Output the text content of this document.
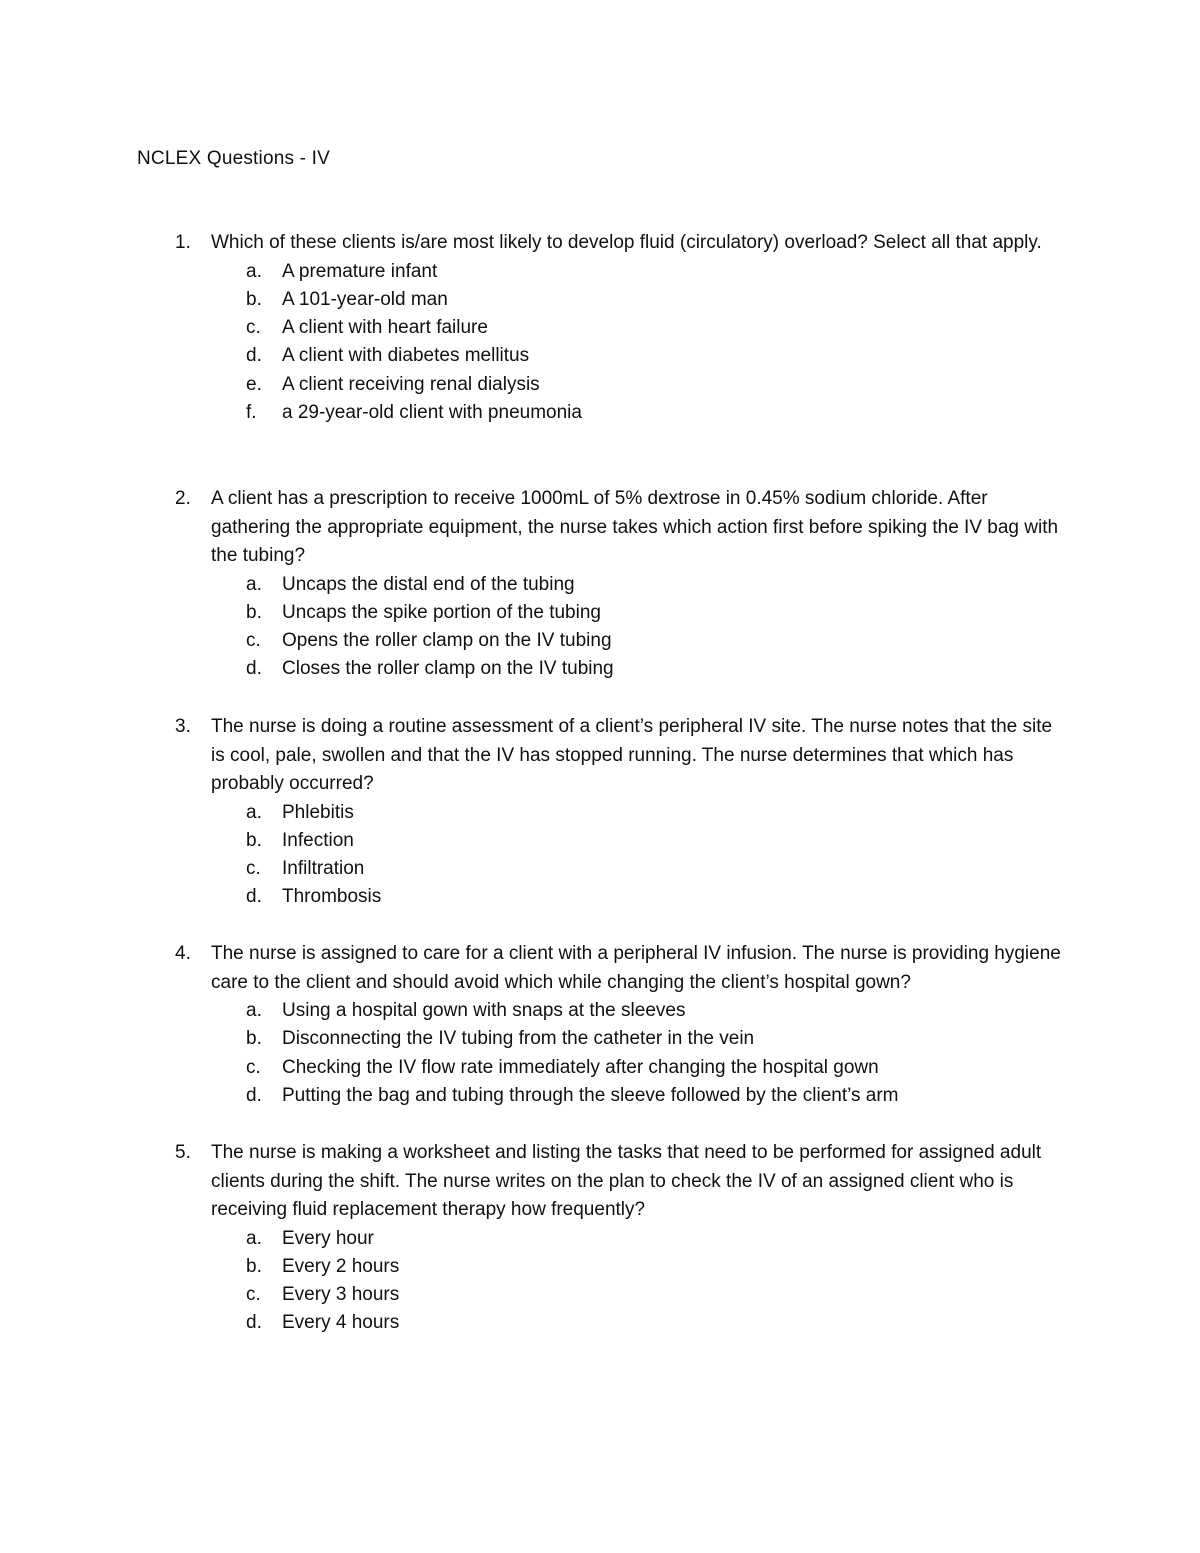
NCLEX Questions - IV
1. Which of these clients is/are most likely to develop fluid (circulatory) overload? Select all that apply.
a. A premature infant
b. A 101-year-old man
c. A client with heart failure
d. A client with diabetes mellitus
e. A client receiving renal dialysis
f. a 29-year-old client with pneumonia
2. A client has a prescription to receive 1000mL of 5% dextrose in 0.45% sodium chloride. After gathering the appropriate equipment, the nurse takes which action first before spiking the IV bag with the tubing?
a. Uncaps the distal end of the tubing
b. Uncaps the spike portion of the tubing
c. Opens the roller clamp on the IV tubing
d. Closes the roller clamp on the IV tubing
3. The nurse is doing a routine assessment of a client’s peripheral IV site. The nurse notes that the site is cool, pale, swollen and that the IV has stopped running. The nurse determines that which has probably occurred?
a. Phlebitis
b. Infection
c. Infiltration
d. Thrombosis
4. The nurse is assigned to care for a client with a peripheral IV infusion. The nurse is providing hygiene care to the client and should avoid which while changing the client’s hospital gown?
a. Using a hospital gown with snaps at the sleeves
b. Disconnecting the IV tubing from the catheter in the vein
c. Checking the IV flow rate immediately after changing the hospital gown
d. Putting the bag and tubing through the sleeve followed by the client’s arm
5. The nurse is making a worksheet and listing the tasks that need to be performed for assigned adult clients during the shift. The nurse writes on the plan to check the IV of an assigned client who is receiving fluid replacement therapy how frequently?
a. Every hour
b. Every 2 hours
c. Every 3 hours
d. Every 4 hours
